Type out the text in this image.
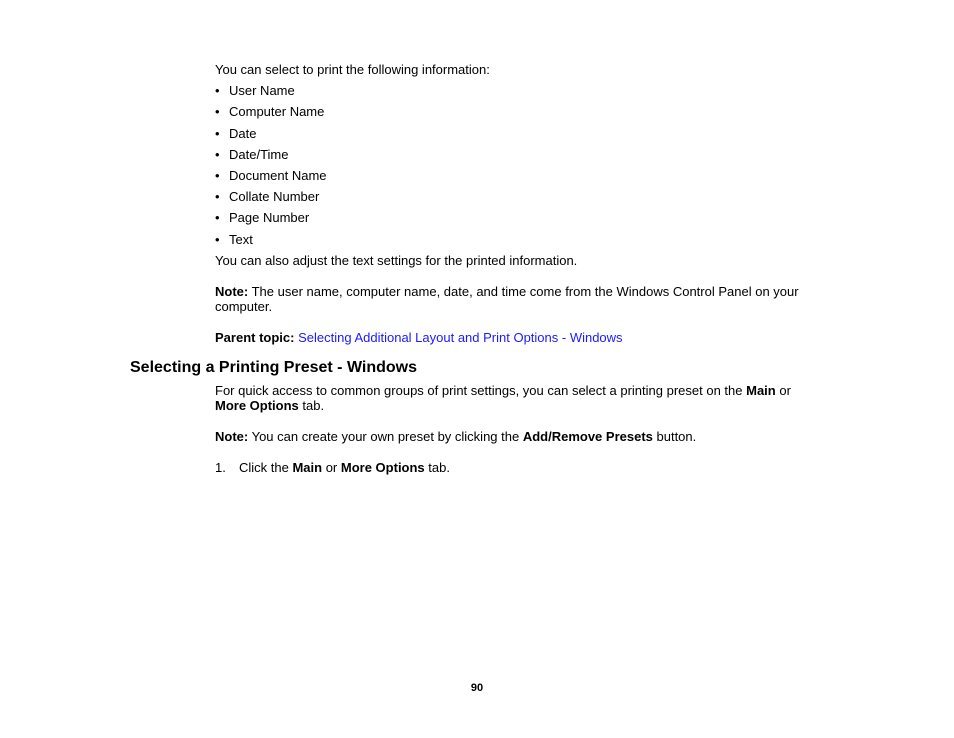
You can select to print the following information:
• User Name
• Computer Name
• Date
• Date/Time
• Document Name
• Collate Number
• Page Number
• Text
You can also adjust the text settings for the printed information.
Note: The user name, computer name, date, and time come from the Windows Control Panel on your
computer.
Parent topic: Selecting Additional Layout and Print Options - Windows
Selecting a Printing Preset - Windows
For quick access to common groups of print settings, you can select a printing preset on the Main or
More Options tab.
Note: You can create your own preset by clicking the Add/Remove Presets button.
1. Click the Main or More Options tab.
90
